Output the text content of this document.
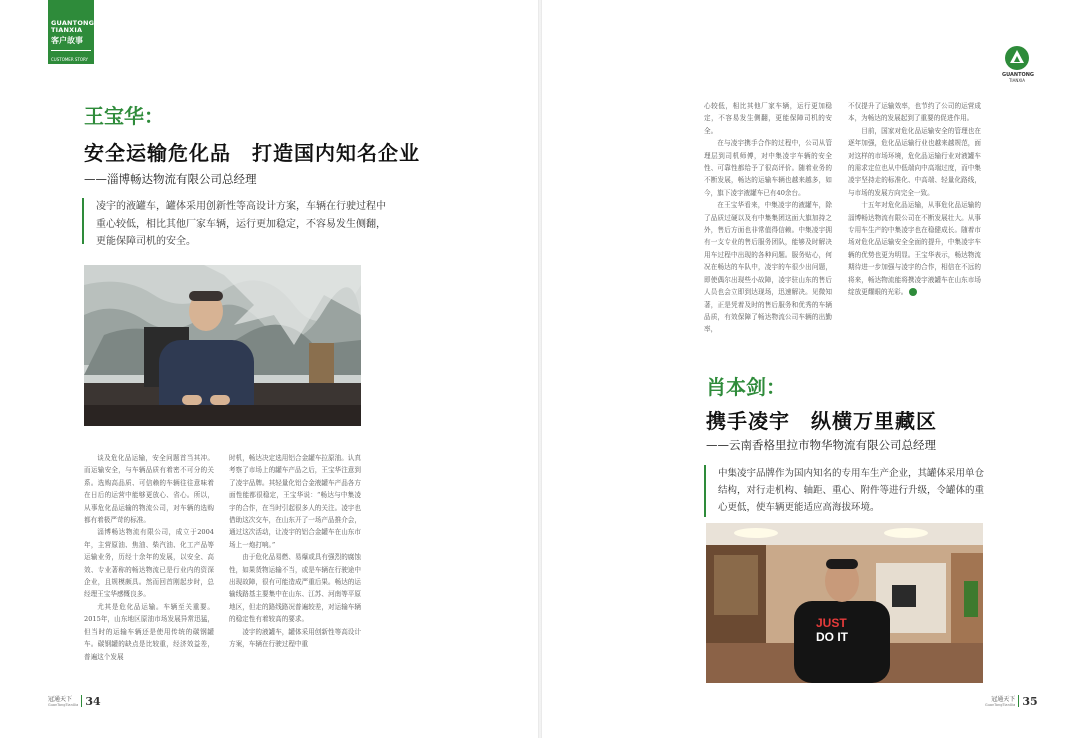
GUANTONG
TIANXIA
客户故事
CUSTOMER STORY
GUANTONG
TIANXIA
王宝华：
安全运输危化品　打造国内知名企业
——淄博畅达物流有限公司总经理
凌宇的液罐车，罐体采用创新性等高设计方案，车辆在行驶过程中重心较低，相比其他厂家车辆，运行更加稳定，不容易发生侧翻，更能保障司机的安全。

谈及危化品运输，安全问题首当其冲。而运输安全，与车辆品质有着密不可分的关系。选购高品质、可信赖的车辆往往意味着在日后的运营中能够更放心、省心。所以，从事危化品运输的物流公司，对车辆的选购都有着极严苛的标准。

淄博畅达物流有限公司，成立于2004年，主营原油、焦油、柴汽油、化工产品等运输业务，历经十余年的发展，以安全、高效、专业著称的畅达物流已是行业内的资深企业，且规模颇具。然而回首刚起步时，总经理王宝华感慨良多。

尤其是危化品运输。车辆至关重要。2015年，山东地区原油市场发展异常迅猛，但当时的运输车辆还是使用传统的碳钢罐车。碳钢罐的缺点是比较重，经济效益差，普遍这个发展

时机，畅达决定选用铝合金罐车拉原油。认真考察了市场上的罐车产品之后，王宝华注意到了凌宇品牌。其轻量化铝合金液罐车产品各方面性能都很稳定，王宝华说：“畅达与中集凌宇的合作，在当时引起很多人的关注。凌宇也借助这次交车，在山东开了一场产品推介会，通过这次活动，让凌宇的铝合金罐车在山东市场上一炮打响。”

由于危化品易燃、易爆或具有强烈的腐蚀性，如果货物运输不当，或是车辆在行驶途中出现故障，很有可能造成严重后果。畅达的运输线路基主要集中在山东、江苏、河南等平原地区，但走的路线路况普遍较差，对运输车辆的稳定性有着较高的要求。

凌宇的液罐车，罐体采用创新性等高设计方案，车辆在行驶过程中重

冠通天下
GuanTongTianXia 34

心较低，相比其他厂家车辆，运行更加稳定，不容易发生侧翻，更能保障司机的安全。

在与凌宇携手合作的过程中，公司从管理层到司机师傅，对中集凌宇车辆的安全性、可靠性都给予了很高评价。随着业务的不断发展，畅达的运输车辆也越来越多，如今，旗下凌宇液罐车已有40余台。

在王宝华看来，中集凌宇的液罐车，除了品质过硬以及有中集集团这面大旗加持之外，售后方面也非常值得信赖。中集凌宇拥有一支专业的售后服务团队，能够及时解决用车过程中出现的各种问题。服务贴心，何况在畅达的车队中，凌宇的车很少出问题，即使偶尔出现些小故障，凌宇驻山东的售后人员也会立即到达现场，迅速解决。见微知著，正是凭着及时的售后服务和优秀的车辆品质，有效保障了畅达物流公司车辆的出勤率，

不仅提升了运输效率，也节约了公司的运营成本，为畅达的发展起到了重要的促进作用。

目前，国家对危化品运输安全的管理也在逐年加强，危化品运输行业也越来越规范，面对这样的市场环境，危化品运输行业对液罐车的需求定位也从中低端向中高端过度，而中集凌宇坚持走的标准化、中高端、轻量化路线，与市场的发展方向完全一致。

十五年对危化品运输，从事危化品运输的淄博畅达物流有限公司在不断发展壮大。从事专用车生产的中集凌宇也在稳健成长。随着市场对危化品运输安全全面的提升，中集凌宇车辆的优势也更为明显。王宝华表示，畅达物流期待进一步加强与凌宇的合作，相信在不远的将来，畅达物流能将携凌宇液罐车在山东市场绽放更耀眼的光彩。

肖本剑：
携手凌宇　纵横万里藏区
——云南香格里拉市物华物流有限公司总经理
中集凌宇品牌作为国内知名的专用车生产企业，其罐体采用单仓结构，对行走机构、轴距、重心、附件等进行升级，令罐体的重心更低，使车辆更能适应高海拔环境。
JUST
DO IT
冠通天下
GuanTongTianXia 35
